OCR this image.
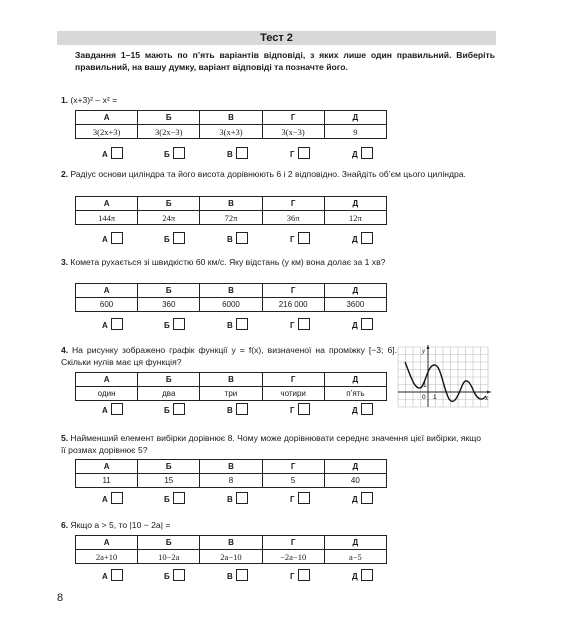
Тест 2
Завдання 1–15 мають по п’ять варіантів відповіді, з яких лише один правильний. Виберіть правильний, на вашу думку, варіант відповіді та позначте його.
1. (x+3)² – x² =
А	Б	В	Г	Д
3(2x+3)	3(2x−3)	3(x+3)	3(x−3)	9
А	Б	В	Г	Д
2. Радіус основи циліндра та його висота дорівнюють 6 і 2 відповідно. Знайдіть об’єм цього циліндра.
А	Б	В	Г	Д
144π	24π	72π	36π	12π
А	Б	В	Г	Д
3. Комета рухається зі швидкістю 60 км/с. Яку відстань (у км) вона долає за 1 хв?
А	Б	В	Г	Д
600	360	6000	216 000	3600
А	Б	В	Г	Д
4. На рисунку зображено графік функції y = f(x), визначеної на проміжку [−3; 6]. Скільки нулів має ця функція?
А	Б	В	Г	Д
один	два	три	чотири	п’ять
А	Б	В	Г	Д
y
x
0 1
1
5. Найменший елемент вибірки дорівнює 8. Чому може дорівнювати середнє значення цієї вибірки, якщо її розмах дорівнює 5?
А	Б	В	Г	Д
11	15	8	5	40
А	Б	В	Г	Д
6. Якщо a > 5, то |10 − 2a| =
А	Б	В	Г	Д
2a+10	10−2a	2a−10	−2a−10	a−5
А	Б	В	Г	Д
8
